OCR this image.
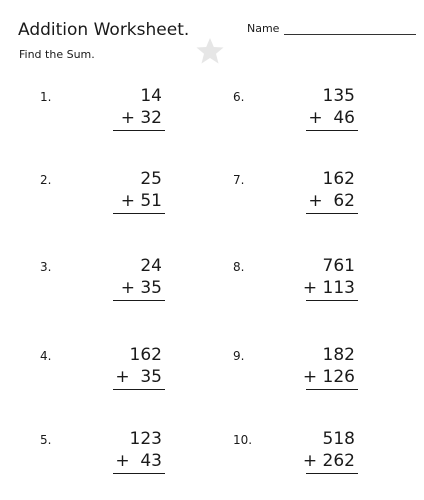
Addition Worksheet.
Find the Sum.
Name
1.	14
+ 32
2.	25
+ 51
3.	24
+ 35
4.	162
+  35
5.	123
+  43
6.	135
+  46
7.	162
+  62
8.	761
+ 113
9.	182
+ 126
10.	518
+ 262
